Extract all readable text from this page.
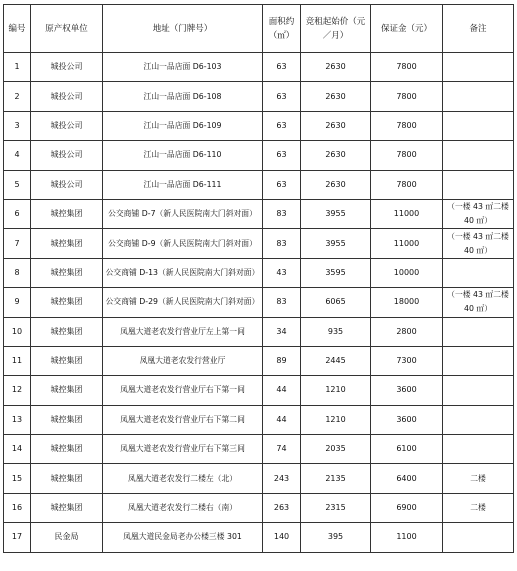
编号	原产权单位	地址（门牌号）	面积约（㎡）	竞租起始价（元／月）	保证金（元）	备注
1	城投公司	江山一品店面 D6-103	63	2630	7800	
2	城投公司	江山一品店面 D6-108	63	2630	7800	
3	城投公司	江山一品店面 D6-109	63	2630	7800	
4	城投公司	江山一品店面 D6-110	63	2630	7800	
5	城投公司	江山一品店面 D6-111	63	2630	7800	
6	城控集团	公交商铺 D-7（新人民医院南大门斜对面）	83	3955	11000	（一楼 43 ㎡二楼 40 ㎡）
7	城控集团	公交商铺 D-9（新人民医院南大门斜对面）	83	3955	11000	（一楼 43 ㎡二楼 40 ㎡）
8	城控集团	公交商铺 D-13（新人民医院南大门斜对面）	43	3595	10000	
9	城控集团	公交商铺 D-29（新人民医院南大门斜对面）	83	6065	18000	（一楼 43 ㎡二楼 40 ㎡）
10	城控集团	凤凰大道老农发行营业厅左上第一间	34	935	2800	
11	城控集团	凤凰大道老农发行营业厅	89	2445	7300	
12	城控集团	凤凰大道老农发行营业厅右下第一间	44	1210	3600	
13	城控集团	凤凰大道老农发行营业厅右下第二间	44	1210	3600	
14	城控集团	凤凰大道老农发行营业厅右下第三间	74	2035	6100	
15	城控集团	凤凰大道老农发行二楼左（北）	243	2135	6400	二楼
16	城控集团	凤凰大道老农发行二楼右（南）	263	2315	6900	二楼
17	民金局	凤凰大道民金局老办公楼三楼 301	140	395	1100	
